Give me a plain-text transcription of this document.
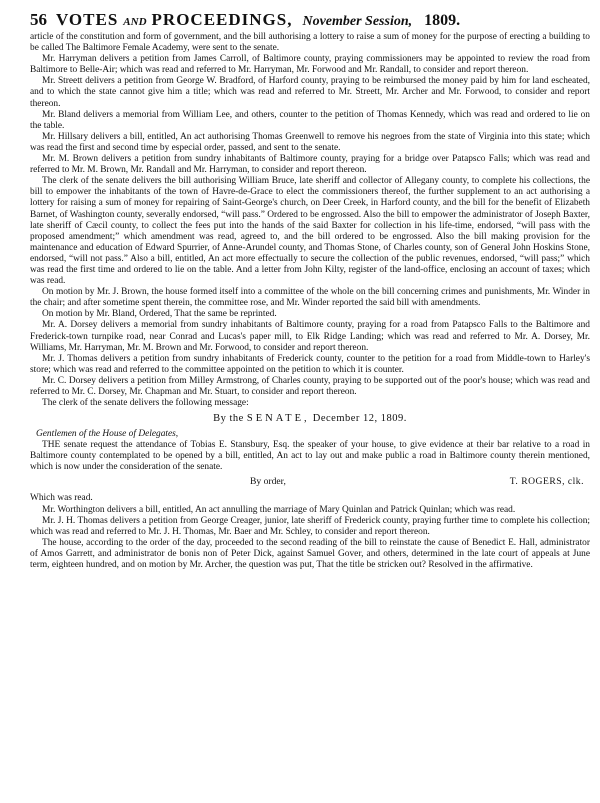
56 VOTES AND PROCEEDINGS, November Session, 1809.

article of the constitution and form of government, and the bill authorising a lottery to raise a sum of money for the purpose of erecting a building to be called The Baltimore Female Academy, were sent to the senate.

Mr. Harryman delivers a petition from James Carroll, of Baltimore county, praying commissioners may be appointed to review the road from Baltimore to Belle-Air; which was read and referred to Mr. Harryman, Mr. Forwood and Mr. Randall, to consider and report thereon.

Mr. Streett delivers a petition from George W. Bradford, of Harford county, praying to be reimbursed the money paid by him for land escheated, and to which the state cannot give him a title; which was read and referred to Mr. Streett, Mr. Archer and Mr. Forwood, to consider and report thereon.

Mr. Bland delivers a memorial from William Lee, and others, counter to the petition of Thomas Kennedy, which was read and ordered to lie on the table.

Mr. Hillsary delivers a bill, entitled, An act authorising Thomas Greenwell to remove his negroes from the state of Virginia into this state; which was read the first and second time by especial order, passed, and sent to the senate.

Mr. M. Brown delivers a petition from sundry inhabitants of Baltimore county, praying for a bridge over Patapsco Falls; which was read and referred to Mr. M. Brown, Mr. Randall and Mr. Harryman, to consider and report thereon.

The clerk of the senate delivers the bill authorising William Bruce, late sheriff and collector of Allegany county, to complete his collections, the bill to empower the inhabitants of the town of Havre-de-Grace to elect the commissioners thereof, the further supplement to an act authorising a lottery for raising a sum of money for repairing of Saint-George's church, on Deer Creek, in Harford county, and the bill for the benefit of Elizabeth Barnet, of Washington county, severally endorsed, “will pass.” Ordered to be engrossed. Also the bill to empower the administrator of Joseph Baxter, late sheriff of Cæcil county, to collect the fees put into the hands of the said Baxter for collection in his life-time, endorsed, “will pass with the proposed amendment;” which amendment was read, agreed to, and the bill ordered to be engrossed. Also the bill making provision for the maintenance and education of Edward Spurrier, of Anne-Arundel county, and Thomas Stone, of Charles county, son of General John Hoskins Stone, endorsed, “will not pass.” Also a bill, entitled, An act more effectually to secure the collection of the public revenues, endorsed, “will pass;” which was read the first time and ordered to lie on the table. And a letter from John Kilty, register of the land-office, enclosing an account of taxes; which was read.

On motion by Mr. J. Brown, the house formed itself into a committee of the whole on the bill concerning crimes and punishments, Mr. Winder in the chair; and after sometime spent therein, the committee rose, and Mr. Winder reported the said bill with amendments.

On motion by Mr. Bland, Ordered, That the same be reprinted.

Mr. A. Dorsey delivers a memorial from sundry inhabitants of Baltimore county, praying for a road from Patapsco Falls to the Baltimore and Frederick-town turnpike road, near Conrad and Lucas's paper mill, to Elk Ridge Landing; which was read and referred to Mr. A. Dorsey, Mr. Williams, Mr. Harryman, Mr. M. Brown and Mr. Forwood, to consider and report thereon.

Mr. J. Thomas delivers a petition from sundry inhabitants of Frederick county, counter to the petition for a road from Middle-town to Harley's store; which was read and referred to the committee appointed on the petition to which it is counter.

Mr. C. Dorsey delivers a petition from Milley Armstrong, of Charles county, praying to be supported out of the poor's house; which was read and referred to Mr. C. Dorsey, Mr. Chapman and Mr. Stuart, to consider and report thereon.

The clerk of the senate delivers the following message:

By the SENATE, December 12, 1809.
Gentlemen of the House of Delegates,

THE senate request the attendance of Tobias E. Stansbury, Esq. the speaker of your house, to give evidence at their bar relative to a road in Baltimore county contemplated to be opened by a bill, entitled, An act to lay out and make public a road in Baltimore county therein mentioned, which is now under the consideration of the senate.

By order,	T. ROGERS, clk.

Which was read.

Mr. Worthington delivers a bill, entitled, An act annulling the marriage of Mary Quinlan and Patrick Quinlan; which was read.

Mr. J. H. Thomas delivers a petition from George Creager, junior, late sheriff of Frederick county, praying further time to complete his collection; which was read and referred to Mr. J. H. Thomas, Mr. Baer and Mr. Schley, to consider and report thereon.

The house, according to the order of the day, proceeded to the second reading of the bill to reinstate the cause of Benedict E. Hall, administrator of Amos Garrett, and administrator de bonis non of Peter Dick, against Samuel Gover, and others, determined in the late court of appeals at June term, eighteen hundred, and on motion by Mr. Archer, the question was put, That the title be stricken out? Resolved in the affirmative.
